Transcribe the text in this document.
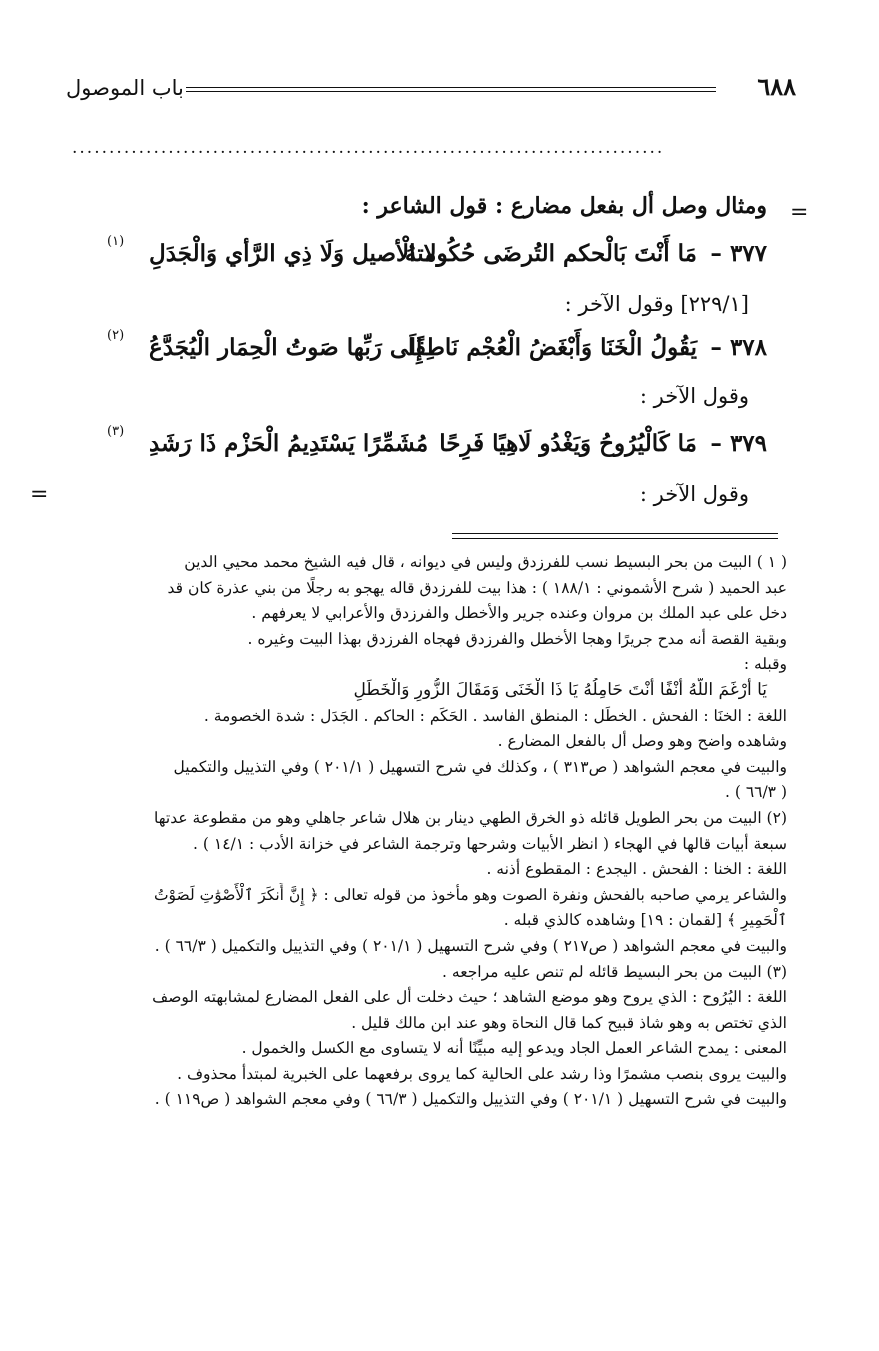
٦٨٨
باب الموصول
................................................................................
=
=
ومثال وصل أل بفعل مضارع : قول الشاعر :
٣٧٧ –
مَا أَنْتَ بَالْحكم التُرضَى حُكُومتهُ
ولا الْأصيل وَلَا ذِي الرَّأي وَالْجَدَلِ
(١)
[٢٢٩/١] وقول الآخر :
٣٧٨ –
يَقُولُ الْخَنَا وَأَبْغَضُ الْعُجْم نَاطِقًا
إِلَى رَبِّها صَوتُ الْحِمَار الْيُجَدَّعُ
(٢)
وقول الآخر :
٣٧٩ –
مَا كَالْيُرُوحُ وَيَغْدُو لَاهِيًا فَرِحًا
مُشَمِّرًا يَسْتَدِيمُ الْحَزْم ذَا رَشَدِ
(٣)
وقول الآخر :

( ١ ) البيت من بحر البسيط نسب للفرزدق وليس في ديوانه ، قال فيه الشيخ محمد محيي الدين

عبد الحميد ( شرح الأشموني : ١٨٨/١ ) : هذا بيت للفرزدق قاله يهجو به رجلًا من بني عذرة كان قد

دخل على عبد الملك بن مروان وعنده جرير والأخطل والفرزدق والأعرابي لا يعرفهم .

وبقية القصة أنه مدح جريرًا وهجا الأخطل والفرزدق فهجاه الفرزدق بهذا البيت وغيره .

وقبله :

يَا أَرْغَمَ اللَّهُ أَنْفًا أَنْتَ حَامِلُهُ يَا ذَا الْخَنَى وَمَقَالَ الزُّورِ وَالْخَطَلِ

اللغة : الخنَا : الفحش . الخطَل : المنطق الفاسد . الحَكَم : الحاكم . الجَدَل : شدة الخصومة .

وشاهده واضح وهو وصل أل بالفعل المضارع .

والبيت في معجم الشواهد ( ص٣١٣ ) ، وكذلك في شرح التسهيل ( ٢٠١/١ ) وفي التذييل والتكميل

( ٦٦/٣ ) .

(٢) البيت من بحر الطويل قائله ذو الخرق الطهي دينار بن هلال شاعر جاهلي وهو من مقطوعة عدتها

سبعة أبيات قالها في الهجاء ( انظر الأبيات وشرحها وترجمة الشاعر في خزانة الأدب : ١٤/١ ) .

اللغة : الخنا : الفحش . اليجدع : المقطوع أذنه .

والشاعر يرمي صاحبه بالفحش ونفرة الصوت وهو مأخوذ من قوله تعالى : ﴿ إِنَّ أَنكَرَ ٱلْأَصْوَٰتِ لَصَوْتُ

ٱلْحَمِيرِ ﴾ [لقمان : ١٩] وشاهده كالذي قبله .

والبيت في معجم الشواهد ( ص٢١٧ ) وفي شرح التسهيل ( ٢٠١/١ ) وفي التذييل والتكميل ( ٦٦/٣ ) .

(٣) البيت من بحر البسيط قائله لم تنص عليه مراجعه .

اللغة : اليُرُوح : الذي يروح وهو موضع الشاهد ؛ حيث دخلت أل على الفعل المضارع لمشابهته الوصف

الذي تختص به وهو شاذ قبيح كما قال النحاة وهو عند ابن مالك قليل .

المعنى : يمدح الشاعر العمل الجاد ويدعو إليه مبيِّنًا أنه لا يتساوى مع الكسل والخمول .

والبيت يروى بنصب مشمرًا وذا رشد على الحالية كما يروى برفعهما على الخبرية لمبتدأ محذوف .

والبيت في شرح التسهيل ( ٢٠١/١ ) وفي التذييل والتكميل ( ٦٦/٣ ) وفي معجم الشواهد ( ص١١٩ ) .
